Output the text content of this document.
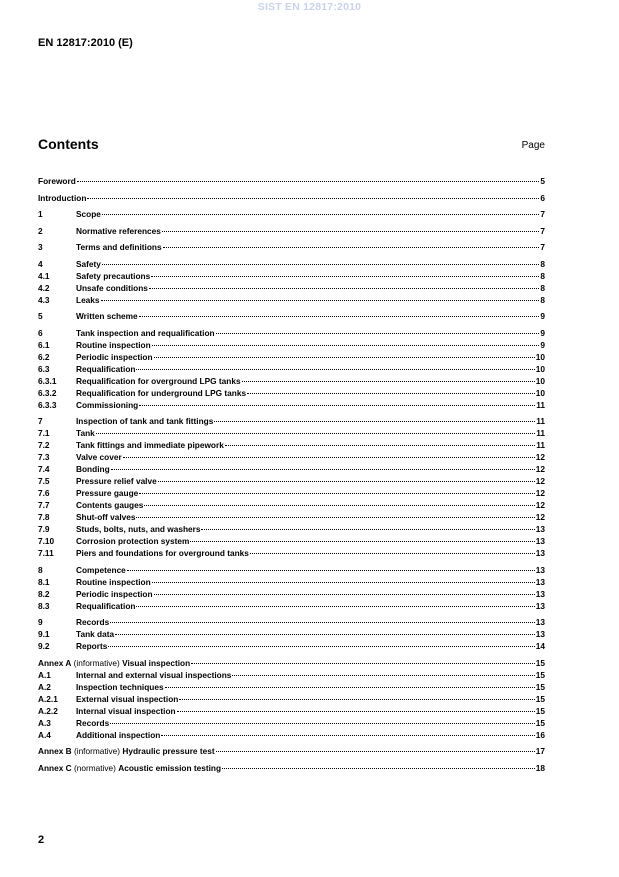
SIST EN 12817:2010
EN 12817:2010 (E)
Contents	Page
Foreword	5
Introduction	6
1	Scope	7
2	Normative references	7
3	Terms and definitions	7
4	Safety	8
4.1	Safety precautions	8
4.2	Unsafe conditions	8
4.3	Leaks	8
5	Written scheme	9
6	Tank inspection and requalification	9
6.1	Routine inspection	9
6.2	Periodic inspection	10
6.3	Requalification	10
6.3.1	Requalification for overground LPG tanks	10
6.3.2	Requalification for underground LPG tanks	10
6.3.3	Commissioning	11
7	Inspection of tank and tank fittings	11
7.1	Tank	11
7.2	Tank fittings and immediate pipework	11
7.3	Valve cover	12
7.4	Bonding	12
7.5	Pressure relief valve	12
7.6	Pressure gauge	12
7.7	Contents gauges	12
7.8	Shut-off valves	12
7.9	Studs, bolts, nuts, and washers	13
7.10	Corrosion protection system	13
7.11	Piers and foundations for overground tanks	13
8	Competence	13
8.1	Routine inspection	13
8.2	Periodic inspection	13
8.3	Requalification	13
9	Records	13
9.1	Tank data	13
9.2	Reports	14
Annex A (informative) Visual inspection	15
A.1	Internal and external visual inspections	15
A.2	Inspection techniques	15
A.2.1	External visual inspection	15
A.2.2	Internal visual inspection	15
A.3	Records	15
A.4	Additional inspection	16
Annex B (informative) Hydraulic pressure test	17
Annex C (normative) Acoustic emission testing	18
2
